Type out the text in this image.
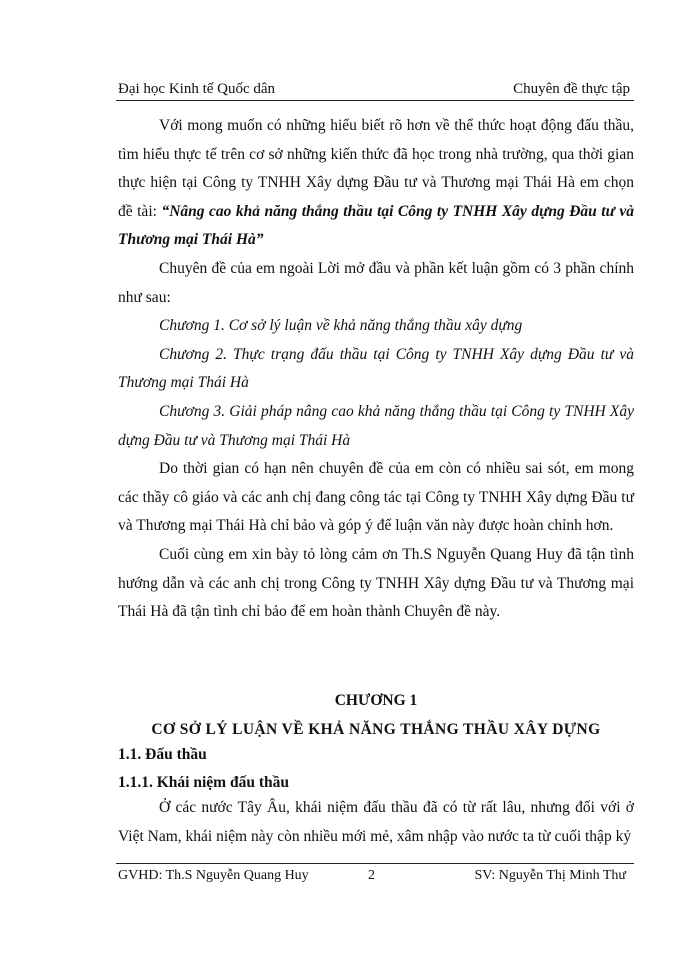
Đại học Kinh tế Quốc dân	Chuyên đề thực tập

Với mong muốn có những hiểu biết rõ hơn về thể thức hoạt động đấu thầu, tìm hiểu thực tế trên cơ sở những kiến thức đã học trong nhà trường, qua thời gian thực hiện tại Công ty TNHH Xây dựng Đầu tư và Thương mại Thái Hà em chọn đề tài: “Nâng cao khả năng thắng thầu tại Công ty TNHH Xây dựng Đầu tư và Thương mại Thái Hà”

Chuyên đề của em ngoài Lời mở đầu và phần kết luận gồm có 3 phần chính như sau:

Chương 1. Cơ sở lý luận về khả năng thắng thầu xây dựng

Chương 2. Thực trạng đấu thầu tại Công ty TNHH Xây dựng Đầu tư và Thương mại Thái Hà

Chương 3. Giải pháp nâng cao khả năng thắng thầu tại Công ty TNHH Xây dựng Đầu tư và Thương mại Thái Hà

Do thời gian có hạn nên chuyên đề của em còn có nhiều sai sót, em mong các thầy cô giáo và các anh chị đang công tác tại Công ty TNHH Xây dựng Đầu tư và Thương mại Thái Hà chỉ bảo và góp ý để luận văn này được hoàn chỉnh hơn.

Cuối cùng em xin bày tỏ lòng cảm ơn Th.S Nguyễn Quang Huy đã tận tình hướng dẫn và các anh chị trong Công ty TNHH Xây dựng Đầu tư và Thương mại Thái Hà đã tận tình chỉ bảo để em hoàn thành Chuyên đề này.

CHƯƠNG 1
CƠ SỞ LÝ LUẬN VỀ KHẢ NĂNG THẮNG THẦU XÂY DỰNG
1.1. Đấu thầu
1.1.1. Khái niệm đấu thầu

Ở các nước Tây Âu, khái niệm đấu thầu đã có từ rất lâu, nhưng đối với ở Việt Nam, khái niệm này còn nhiều mới mẻ, xâm nhập vào nước ta từ cuối thập kỷ

GVHD: Th.S Nguyễn Quang Huy	2	SV: Nguyễn Thị Minh Thư
